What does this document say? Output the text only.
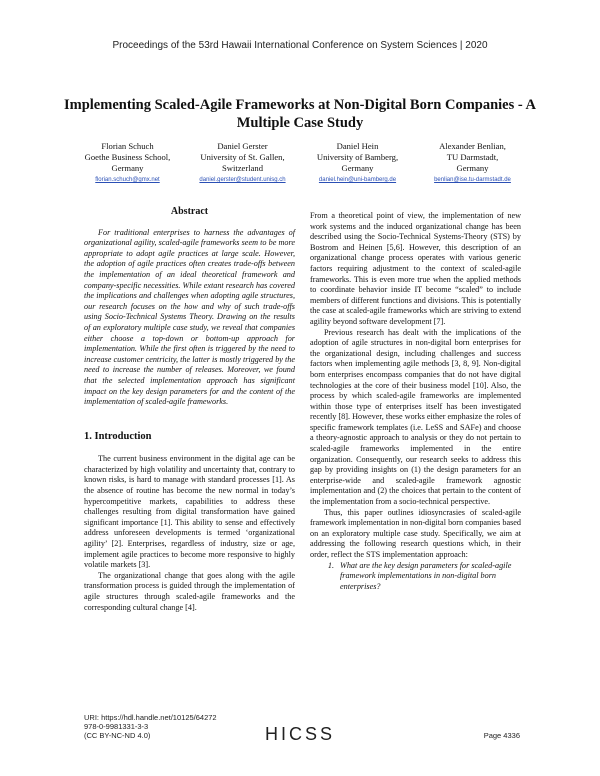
Proceedings of the 53rd Hawaii International Conference on System Sciences | 2020
Implementing Scaled-Agile Frameworks at Non-Digital Born Companies - A Multiple Case Study
Florian Schuch
Goethe Business School,
Germany
florian.schuch@gmx.net
Daniel Gerster
University of St. Gallen,
Switzerland
daniel.gerster@student.unisg.ch
Daniel Hein
University of Bamberg,
Germany
daniel.hein@uni-bamberg.de
Alexander Benlian,
TU Darmstadt,
Germany
benlian@ise.tu-darmstadt.de
Abstract

For traditional enterprises to harness the advantages of organizational agility, scaled-agile frameworks seem to be more appropriate to adopt agile practices at large scale. However, the adoption of agile practices often creates trade-offs between the implementation of an ideal theoretical framework and company-specific necessities. While extant research has covered the implications and challenges when adopting agile structures, our research focuses on the how and why of such trade-offs using Socio-Technical Systems Theory. Drawing on the results of an exploratory multiple case study, we reveal that companies either choose a top-down or bottom-up approach for implementation. While the first often is triggered by the need to increase customer centricity, the latter is mostly triggered by the need to increase the number of releases. Moreover, we found that the selected implementation approach has significant impact on the key design parameters for and the content of the implementation of scaled-agile frameworks.

1. Introduction

The current business environment in the digital age can be characterized by high volatility and uncertainty that, contrary to known risks, is hard to manage with standard processes [1]. As the absence of routine has become the new normal in today’s hypercompetitive markets, capabilities to address these challenges resulting from digital transformation have gained significant importance [1]. This ability to sense and effectively address unforeseen developments is termed ‘organizational agility’ [2]. Enterprises, regardless of industry, size or age, implement agile practices to become more responsive to highly volatile markets [3].

The organizational change that goes along with the agile transformation process is guided through the implementation of agile structures through scaled-agile frameworks and the corresponding cultural change [4].

From a theoretical point of view, the implementation of new work systems and the induced organizational change has been described using the Socio-Technical Systems-Theory (STS) by Bostrom and Heinen [5,6]. However, this description of an organizational change process operates with various generic factors requiring adjustment to the context of scaled-agile frameworks. This is even more true when the applied methods to coordinate behavior inside IT become “scaled” to include members of different functions and divisions. This is potentially the case at scaled-agile frameworks which are striving to extend agility beyond software development [7].

Previous research has dealt with the implications of the adoption of agile structures in non-digital born enterprises for the organizational design, including challenges and success factors when implementing agile methods [3, 8, 9]. Non-digital born enterprises encompass companies that do not have digital technologies at the core of their business model [10]. Also, the process by which scaled-agile frameworks are implemented within those type of enterprises itself has been investigated recently [8]. However, these works either emphasize the roles of specific framework templates (i.e. LeSS and SAFe) and choose a theory-agnostic approach to analysis or they do not pertain to scaled-agile frameworks implemented in the entire organization. Consequently, our research seeks to address this gap by providing insights on (1) the design parameters for an enterprise-wide and scaled-agile framework agnostic implementation and (2) the choices that pertain to the content of the implementation from a socio-technical perspective.

Thus, this paper outlines idiosyncrasies of scaled-agile framework implementation in non-digital born companies based on an exploratory multiple case study. Specifically, we aim at addressing the following research questions which, in their order, reflect the STS implementation approach:

1. What are the key design parameters for scaled-agile framework implementations in non-digital born enterprises?
URI: https://hdl.handle.net/10125/64272
978-0-9981331-3-3
(CC BY-NC-ND 4.0)	HICSS	Page 4336
